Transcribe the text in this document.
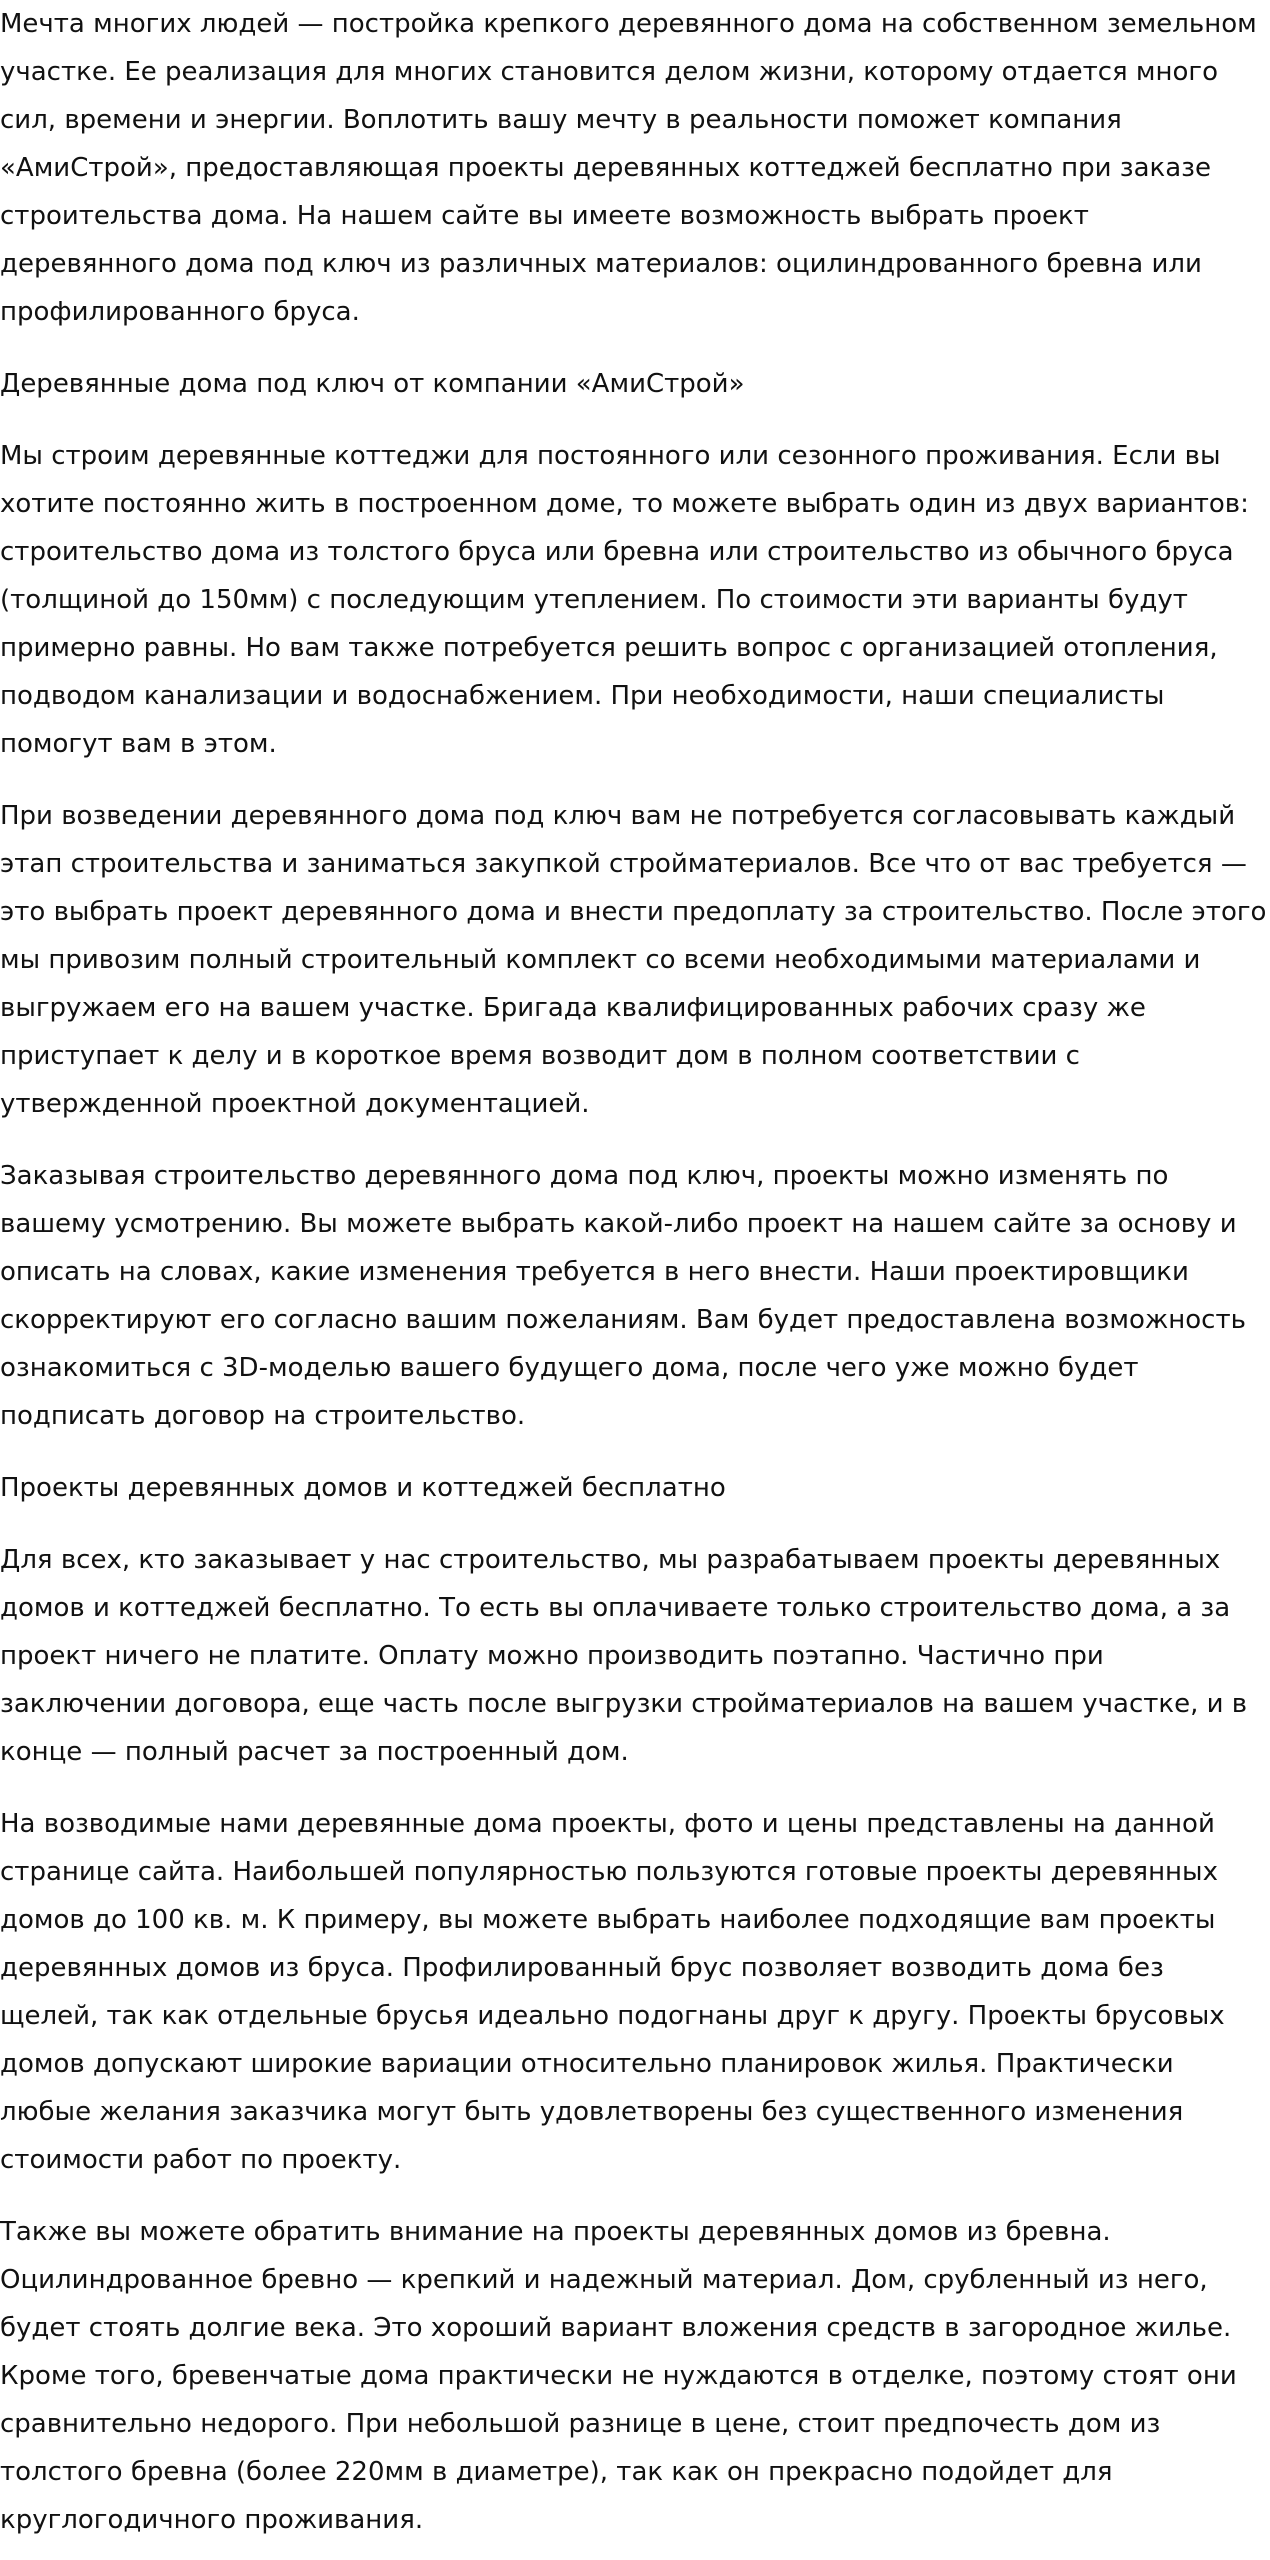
Мечта многих людей — постройка крепкого деревянного дома на собственном земельном участке. Ее реализация для многих становится делом жизни, которому отдается много сил, времени и энергии. Воплотить вашу мечту в реальности поможет компания «АмиСтрой», предоставляющая проекты деревянных коттеджей бесплатно при заказе строительства дома. На нашем сайте вы имеете возможность выбрать проект деревянного дома под ключ из различных материалов: оцилиндрованного бревна или профилированного бруса.

Деревянные дома под ключ от компании «АмиСтрой»

Мы строим деревянные коттеджи для постоянного или сезонного проживания. Если вы хотите постоянно жить в построенном доме, то можете выбрать один из двух вариантов: строительство дома из толстого бруса или бревна или строительство из обычного бруса (толщиной до 150мм) с последующим утеплением. По стоимости эти варианты будут примерно равны. Но вам также потребуется решить вопрос с организацией отопления, подводом канализации и водоснабжением. При необходимости, наши специалисты помогут вам в этом.

При возведении деревянного дома под ключ вам не потребуется согласовывать каждый этап строительства и заниматься закупкой стройматериалов. Все что от вас требуется — это выбрать проект деревянного дома и внести предоплату за строительство. После этого мы привозим полный строительный комплект со всеми необходимыми материалами и выгружаем его на вашем участке. Бригада квалифицированных рабочих сразу же приступает к делу и в короткое время возводит дом в полном соответствии с утвержденной проектной документацией.

Заказывая строительство деревянного дома под ключ, проекты можно изменять по вашему усмотрению. Вы можете выбрать какой-либо проект на нашем сайте за основу и описать на словах, какие изменения требуется в него внести. Наши проектировщики скорректируют его согласно вашим пожеланиям. Вам будет предоставлена возможность ознакомиться с 3D-моделью вашего будущего дома, после чего уже можно будет подписать договор на строительство.

Проекты деревянных домов и коттеджей бесплатно

Для всех, кто заказывает у нас строительство, мы разрабатываем проекты деревянных домов и коттеджей бесплатно. То есть вы оплачиваете только строительство дома, а за проект ничего не платите. Оплату можно производить поэтапно. Частично при заключении договора, еще часть после выгрузки стройматериалов на вашем участке, и в конце — полный расчет за построенный дом.

На возводимые нами деревянные дома проекты, фото и цены представлены на данной странице сайта. Наибольшей популярностью пользуются готовые проекты деревянных домов до 100 кв. м. К примеру, вы можете выбрать наиболее подходящие вам проекты деревянных домов из бруса. Профилированный брус позволяет возводить дома без щелей, так как отдельные брусья идеально подогнаны друг к другу. Проекты брусовых домов допускают широкие вариации относительно планировок жилья. Практически любые желания заказчика могут быть удовлетворены без существенного изменения стоимости работ по проекту.

Также вы можете обратить внимание на проекты деревянных домов из бревна. Оцилиндрованное бревно — крепкий и надежный материал. Дом, срубленный из него, будет стоять долгие века. Это хороший вариант вложения средств в загородное жилье. Кроме того, бревенчатые дома практически не нуждаются в отделке, поэтому стоят они сравнительно недорого. При небольшой разнице в цене, стоит предпочесть дом из толстого бревна (более 220мм в диаметре), так как он прекрасно подойдет для круглогодичного проживания.
